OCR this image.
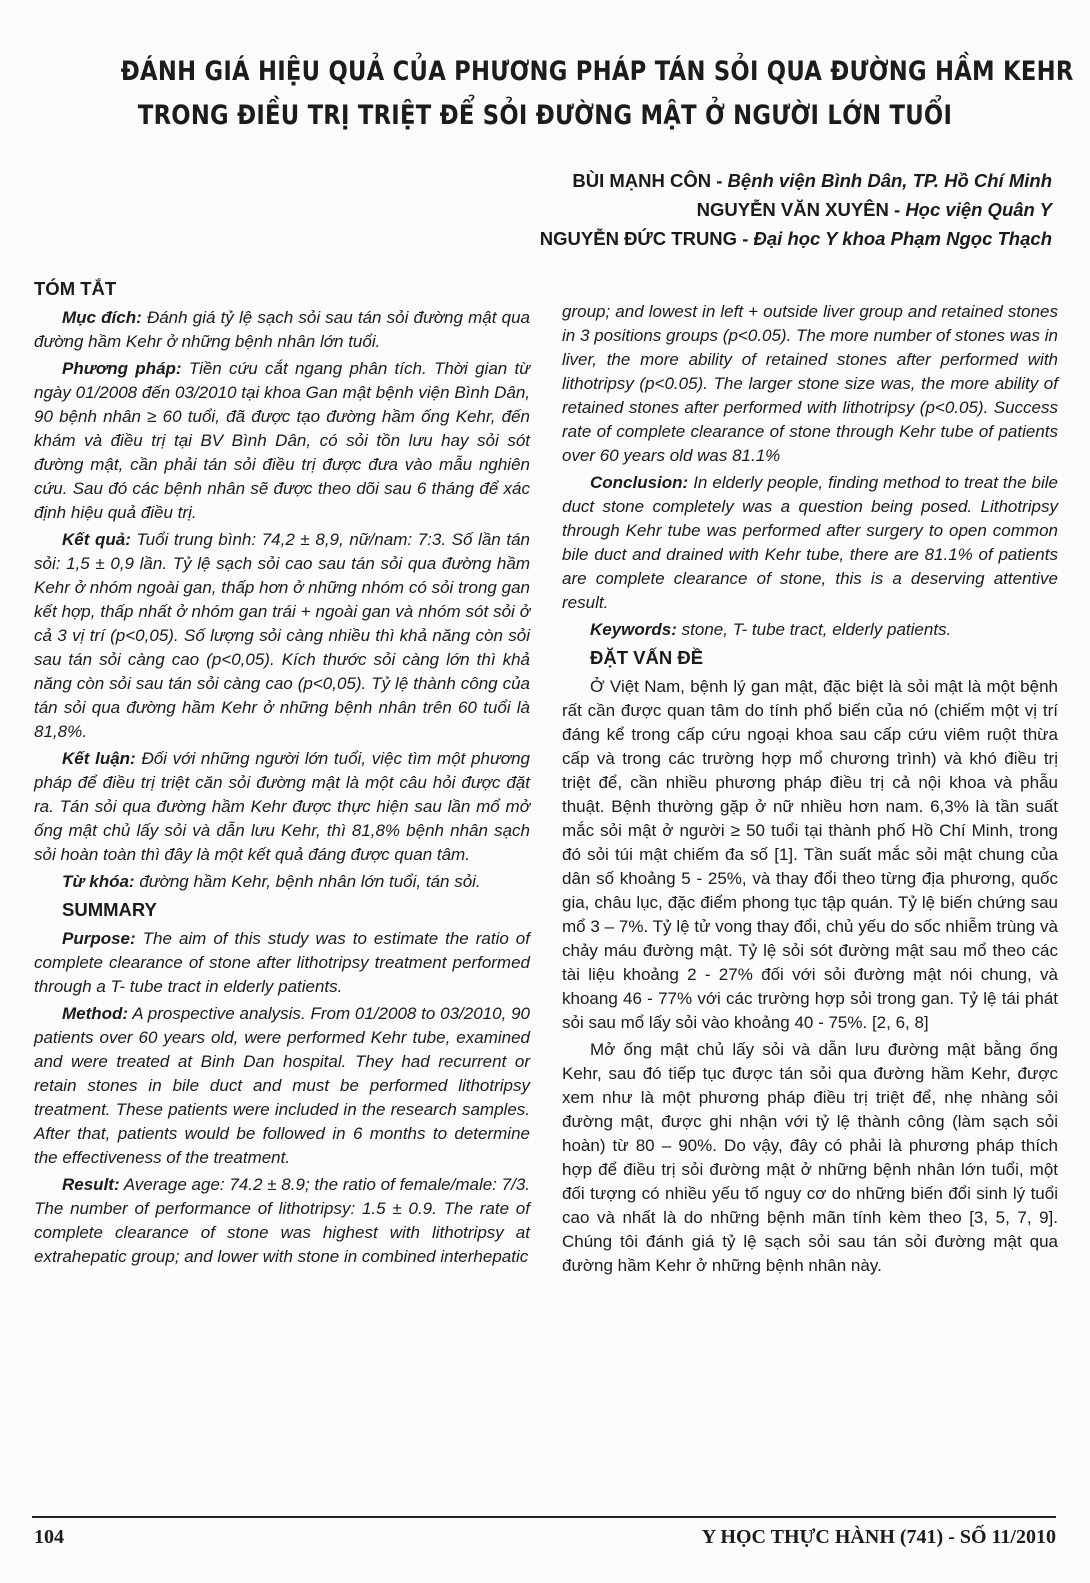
ĐÁNH GIÁ HIỆU QUẢ CỦA PHƯƠNG PHÁP TÁN SỎI QUA ĐƯỜNG HẦM KEHR
TRONG ĐIỀU TRỊ TRIỆT ĐỂ SỎI ĐƯỜNG MẬT Ở NGƯỜI LỚN TUỔI
BÙI MẠNH CÔN - Bệnh viện Bình Dân, TP. Hồ Chí Minh
NGUYỄN VĂN XUYÊN - Học viện Quân Y
NGUYỄN ĐỨC TRUNG - Đại học Y khoa Phạm Ngọc Thạch
TÓM TẮT

Mục đích: Đánh giá tỷ lệ sạch sỏi sau tán sỏi đường mật qua đường hầm Kehr ở những bệnh nhân lớn tuổi.

Phương pháp: Tiền cứu cắt ngang phân tích. Thời gian từ ngày 01/2008 đến 03/2010 tại khoa Gan mật bệnh viện Bình Dân, 90 bệnh nhân ≥ 60 tuổi, đã được tạo đường hầm ống Kehr, đến khám và điều trị tại BV Bình Dân, có sỏi tồn lưu hay sỏi sót đường mật, cần phải tán sỏi điều trị được đưa vào mẫu nghiên cứu. Sau đó các bệnh nhân sẽ được theo dõi sau 6 tháng để xác định hiệu quả điều trị.

Kết quả: Tuổi trung bình: 74,2 ± 8,9, nữ/nam: 7:3. Số lần tán sỏi: 1,5 ± 0,9 lần. Tỷ lệ sạch sỏi cao sau tán sỏi qua đường hầm Kehr ở nhóm ngoài gan, thấp hơn ở những nhóm có sỏi trong gan kết hợp, thấp nhất ở nhóm gan trái + ngoài gan và nhóm sót sỏi ở cả 3 vị trí (p<0,05). Số lượng sỏi càng nhiều thì khả năng còn sỏi sau tán sỏi càng cao (p<0,05). Kích thước sỏi càng lớn thì khả năng còn sỏi sau tán sỏi càng cao (p<0,05). Tỷ lệ thành công của tán sỏi qua đường hầm Kehr ở những bệnh nhân trên 60 tuổi là 81,8%.

Kết luận: Đối với những người lớn tuổi, việc tìm một phương pháp để điều trị triệt căn sỏi đường mật là một câu hỏi được đặt ra. Tán sỏi qua đường hầm Kehr được thực hiện sau lần mổ mở ống mật chủ lấy sỏi và dẫn lưu Kehr, thì 81,8% bệnh nhân sạch sỏi hoàn toàn thì đây là một kết quả đáng được quan tâm.

Từ khóa: đường hầm Kehr, bệnh nhân lớn tuổi, tán sỏi.

SUMMARY

Purpose: The aim of this study was to estimate the ratio of complete clearance of stone after lithotripsy treatment performed through a T- tube tract in elderly patients.

Method: A prospective analysis. From 01/2008 to 03/2010, 90 patients over 60 years old, were performed Kehr tube, examined and were treated at Binh Dan hospital. They had recurrent or retain stones in bile duct and must be performed lithotripsy treatment. These patients were included in the research samples. After that, patients would be followed in 6 months to determine the effectiveness of the treatment.

Result: Average age: 74.2 ± 8.9; the ratio of female/male: 7/3. The number of performance of lithotripsy: 1.5 ± 0.9. The rate of complete clearance of stone was highest with lithotripsy at extrahepatic group; and lower with stone in combined interhepatic

group; and lowest in left + outside liver group and retained stones in 3 positions groups (p<0.05). The more number of stones was in liver, the more ability of retained stones after performed with lithotripsy (p<0.05). The larger stone size was, the more ability of retained stones after performed with lithotripsy (p<0.05). Success rate of complete clearance of stone through Kehr tube of patients over 60 years old was 81.1%

Conclusion: In elderly people, finding method to treat the bile duct stone completely was a question being posed. Lithotripsy through Kehr tube was performed after surgery to open common bile duct and drained with Kehr tube, there are 81.1% of patients are complete clearance of stone, this is a deserving attentive result.

Keywords: stone, T- tube tract, elderly patients.

ĐẶT VẤN ĐỀ

Ở Việt Nam, bệnh lý gan mật, đặc biệt là sỏi mật là một bệnh rất cần được quan tâm do tính phổ biến của nó (chiếm một vị trí đáng kể trong cấp cứu ngoại khoa sau cấp cứu viêm ruột thừa cấp và trong các trường hợp mổ chương trình) và khó điều trị triệt để, cần nhiều phương pháp điều trị cả nội khoa và phẫu thuật. Bệnh thường gặp ở nữ nhiều hơn nam. 6,3% là tần suất mắc sỏi mật ở người ≥ 50 tuổi tại thành phố Hồ Chí Minh, trong đó sỏi túi mật chiếm đa số [1]. Tần suất mắc sỏi mật chung của dân số khoảng 5 - 25%, và thay đổi theo từng địa phương, quốc gia, châu lục, đặc điểm phong tục tập quán. Tỷ lệ biến chứng sau mổ 3 – 7%. Tỷ lệ tử vong thay đổi, chủ yếu do sốc nhiễm trùng và chảy máu đường mật. Tỷ lệ sỏi sót đường mật sau mổ theo các tài liệu khoảng 2 - 27% đối với sỏi đường mật nói chung, và khoang 46 - 77% với các trường hợp sỏi trong gan. Tỷ lệ tái phát sỏi sau mổ lấy sỏi vào khoảng 40 - 75%. [2, 6, 8]

Mở ống mật chủ lấy sỏi và dẫn lưu đường mật bằng ống Kehr, sau đó tiếp tục được tán sỏi qua đường hầm Kehr, được xem như là một phương pháp điều trị triệt để, nhẹ nhàng sỏi đường mật, được ghi nhận với tỷ lệ thành công (làm sạch sỏi hoàn) từ 80 – 90%. Do vậy, đây có phải là phương pháp thích hợp để điều trị sỏi đường mật ở những bệnh nhân lớn tuổi, một đối tượng có nhiều yếu tố nguy cơ do những biến đổi sinh lý tuổi cao và nhất là do những bệnh mãn tính kèm theo [3, 5, 7, 9]. Chúng tôi đánh giá tỷ lệ sạch sỏi sau tán sỏi đường mật qua đường hầm Kehr ở những bệnh nhân này.

104	Y HỌC THỰC HÀNH (741) - SỐ 11/2010
